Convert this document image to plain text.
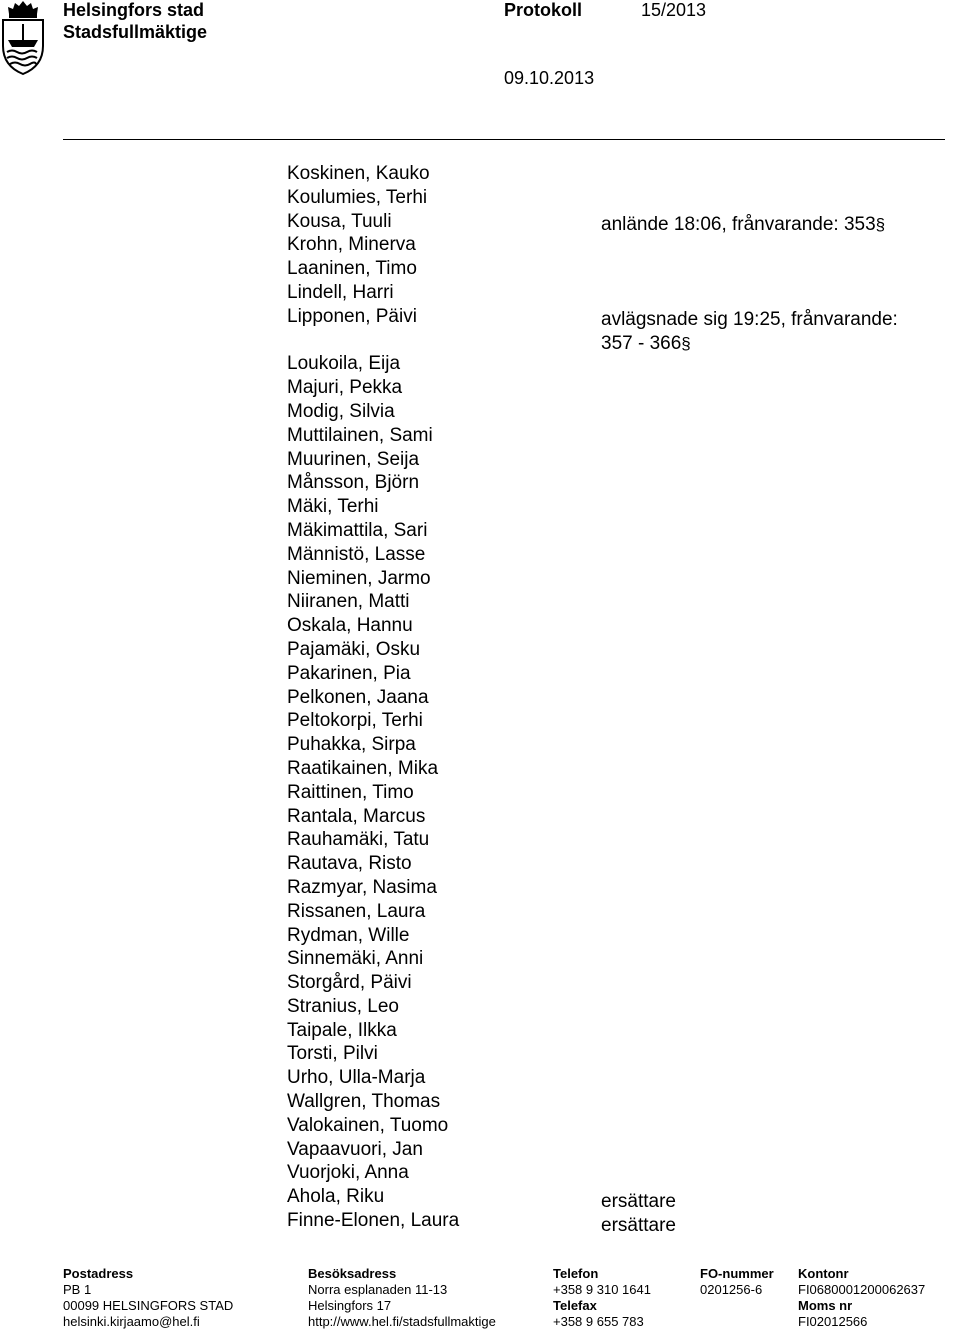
Helsingfors stad
Stadsfullmäktige
Protokoll	15/2013
09.10.2013
Koskinen, Kauko
Koulumies, Terhi
Kousa, Tuuli
Krohn, Minerva
Laaninen, Timo
Lindell, Harri
Lipponen, Päivi
Loukoila, Eija
Majuri, Pekka
Modig, Silvia
Muttilainen, Sami
Muurinen, Seija
Månsson, Björn
Mäki, Terhi
Mäkimattila, Sari
Männistö, Lasse
Nieminen, Jarmo
Niiranen, Matti
Oskala, Hannu
Pajamäki, Osku
Pakarinen, Pia
Pelkonen, Jaana
Peltokorpi, Terhi
Puhakka, Sirpa
Raatikainen, Mika
Raittinen, Timo
Rantala, Marcus
Rauhamäki, Tatu
Rautava, Risto
Razmyar, Nasima
Rissanen, Laura
Rydman, Wille
Sinnemäki, Anni
Storgård, Päivi
Stranius, Leo
Taipale, Ilkka
Torsti, Pilvi
Urho, Ulla-Marja
Wallgren, Thomas
Valokainen, Tuomo
Vapaavuori, Jan
Vuorjoki, Anna
Ahola, Riku
Finne-Elonen, Laura
anlände 18:06, frånvarande: 353§
avlägsnade sig 19:25, frånvarande:
357 - 366§
ersättare
ersättare
Postadress
PB 1
00099 HELSINGFORS STAD
helsinki.kirjaamo@hel.fi
Besöksadress
Norra esplanaden 11-13
Helsingfors 17
http://www.hel.fi/stadsfullmaktige
Telefon
+358 9 310 1641
Telefax
+358 9 655 783
FO-nummer
0201256-6
Kontonr
FI0680001200062637
Moms nr
FI02012566
